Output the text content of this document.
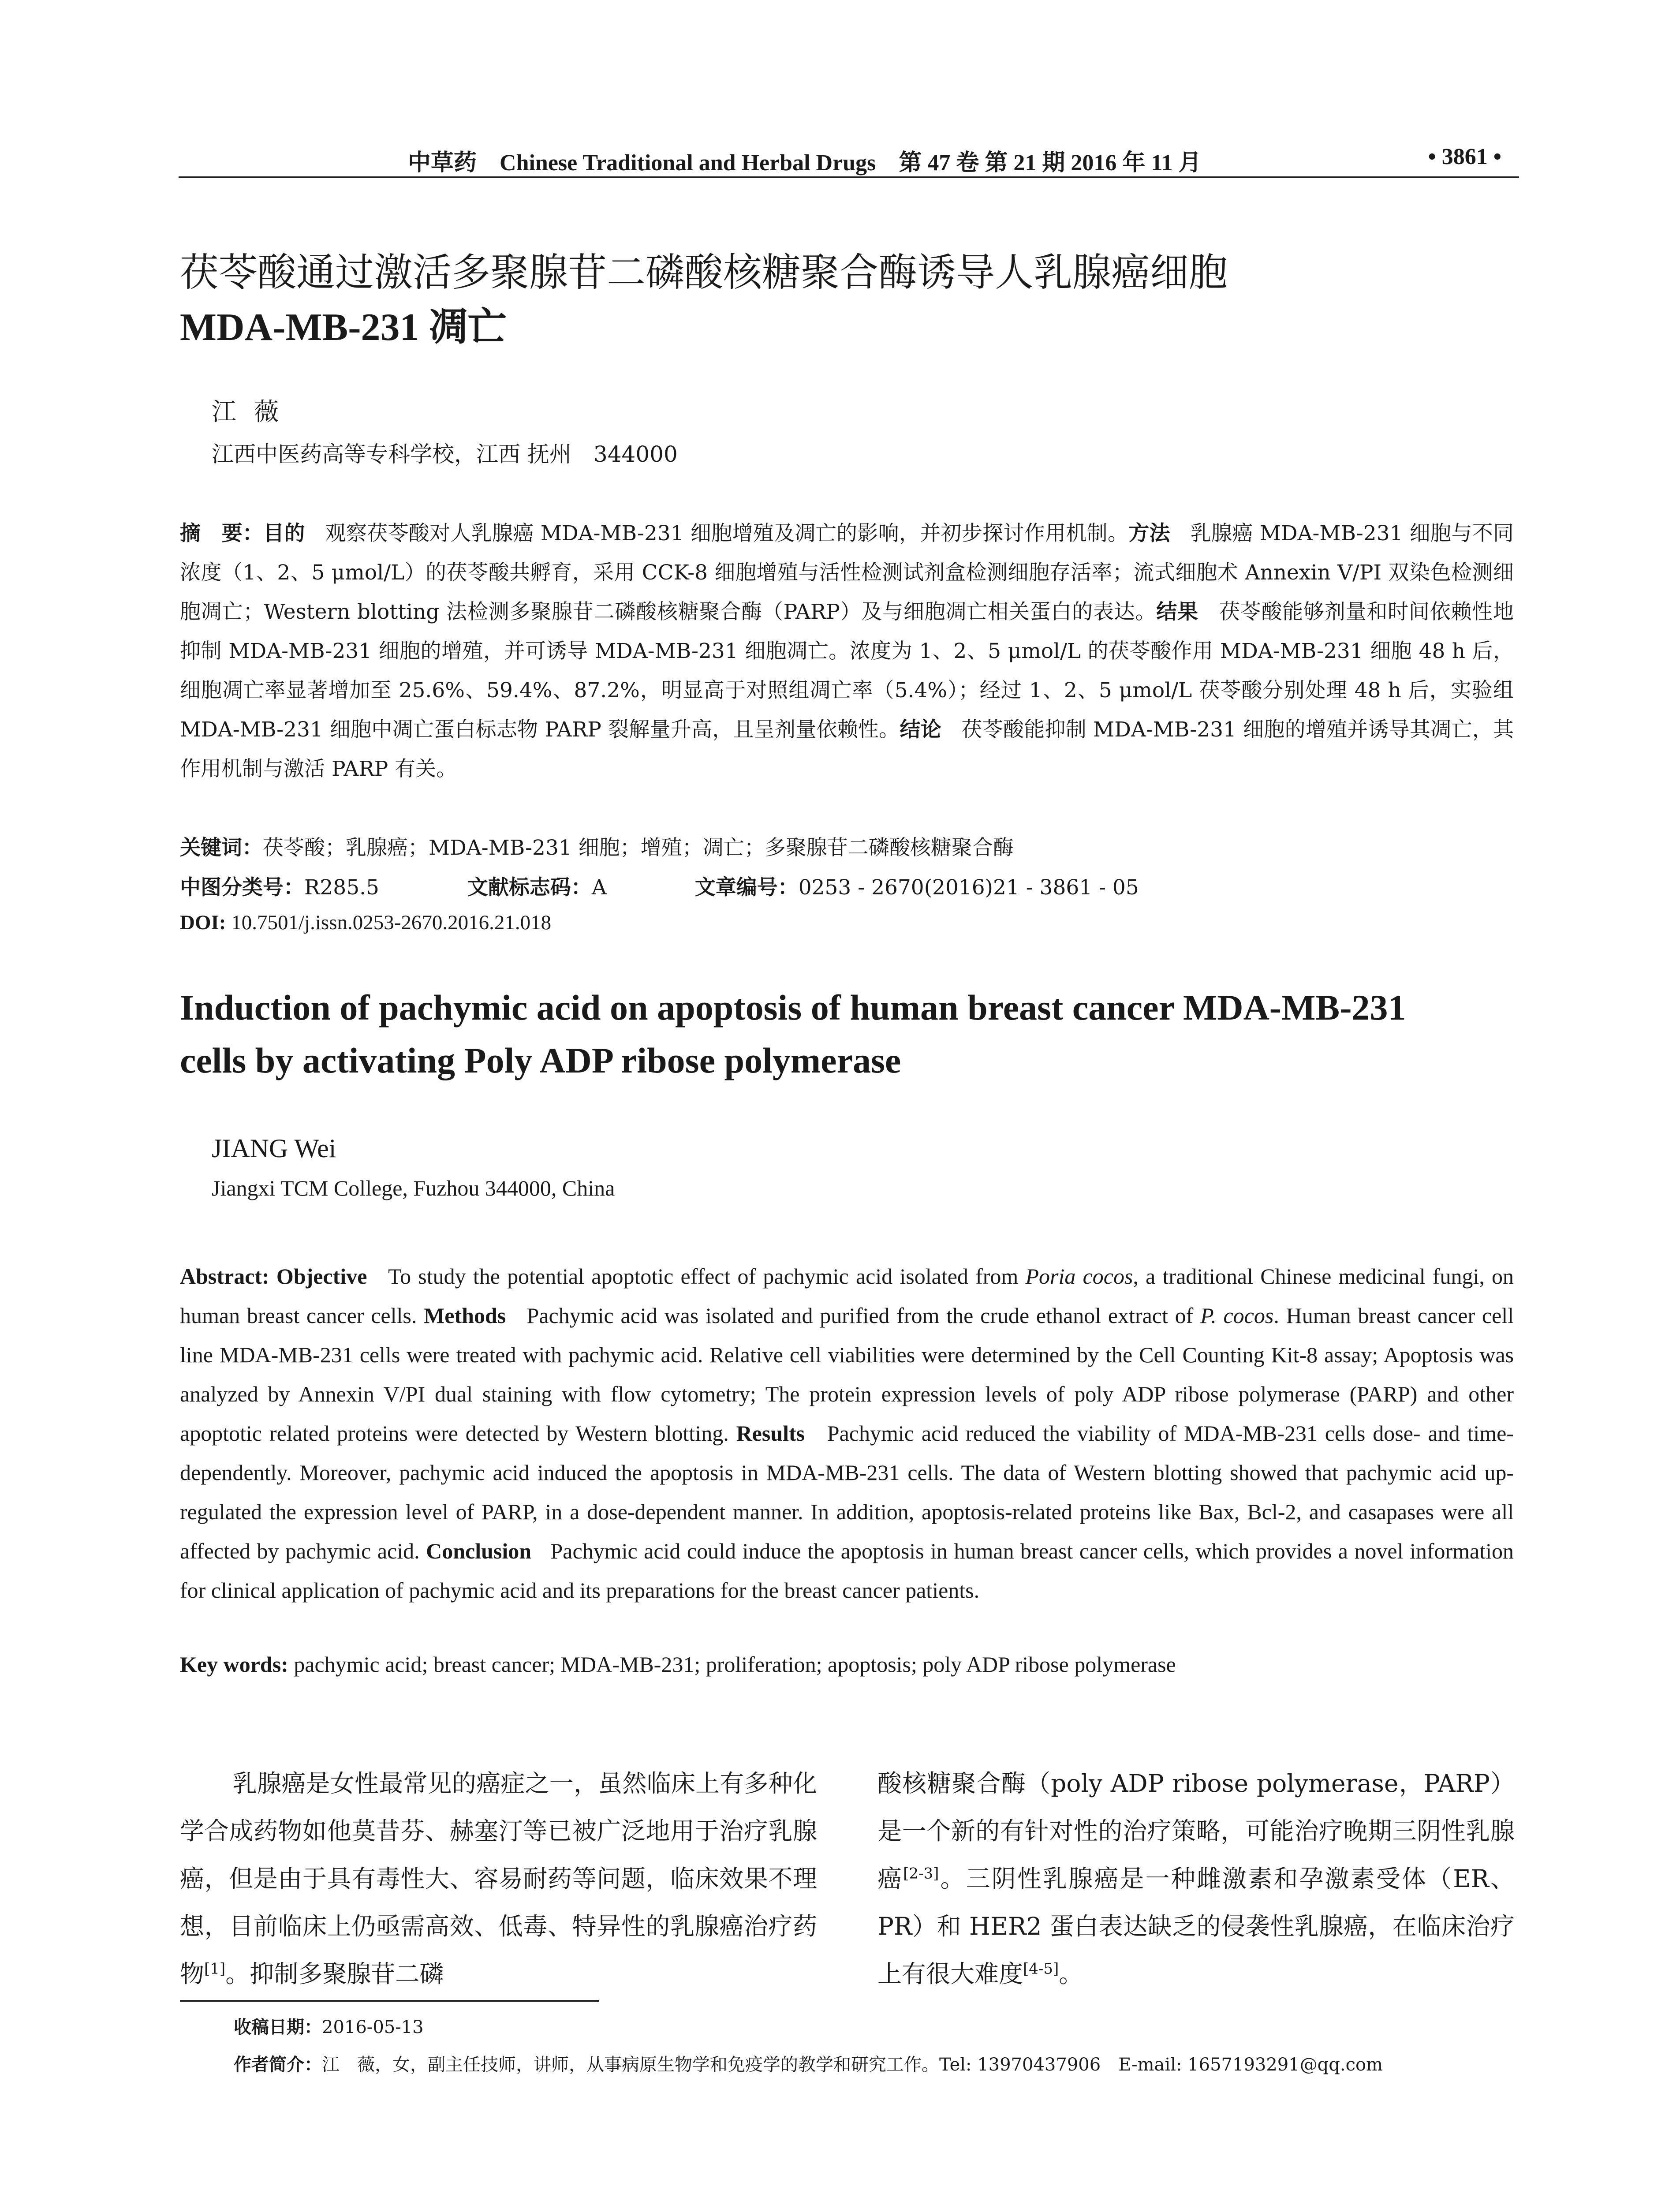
中草药 Chinese Traditional and Herbal Drugs 第 47 卷 第 21 期 2016 年 11 月	• 3861 •
茯苓酸通过激活多聚腺苷二磷酸核糖聚合酶诱导人乳腺癌细胞
MDA-MB-231 凋亡
江薇
江西中医药高等专科学校，江西 抚州　344000
摘　要：目的 观察茯苓酸对人乳腺癌 MDA-MB-231 细胞增殖及凋亡的影响，并初步探讨作用机制。方法 乳腺癌 MDA-MB-231 细胞与不同浓度（1、2、5 μmol/L）的茯苓酸共孵育，采用 CCK-8 细胞增殖与活性检测试剂盒检测细胞存活率；流式细胞术 Annexin V/PI 双染色检测细胞凋亡；Western blotting 法检测多聚腺苷二磷酸核糖聚合酶（PARP）及与细胞凋亡相关蛋白的表达。结果 茯苓酸能够剂量和时间依赖性地抑制 MDA-MB-231 细胞的增殖，并可诱导 MDA-MB-231 细胞凋亡。浓度为 1、2、5 μmol/L 的茯苓酸作用 MDA-MB-231 细胞 48 h 后，细胞凋亡率显著增加至 25.6%、59.4%、87.2%，明显高于对照组凋亡率（5.4%）；经过 1、2、5 μmol/L 茯苓酸分别处理 48 h 后，实验组 MDA-MB-231 细胞中凋亡蛋白标志物 PARP 裂解量升高，且呈剂量依赖性。结论 茯苓酸能抑制 MDA-MB-231 细胞的增殖并诱导其凋亡，其作用机制与激活 PARP 有关。
关键词：茯苓酸；乳腺癌；MDA-MB-231 细胞；增殖；凋亡；多聚腺苷二磷酸核糖聚合酶
中图分类号：R285.5	文献标志码：A	文章编号：0253 - 2670(2016)21 - 3861 - 05
DOI: 10.7501/j.issn.0253-2670.2016.21.018
Induction of pachymic acid on apoptosis of human breast cancer MDA-MB-231
cells by activating Poly ADP ribose polymerase
JIANG Wei
Jiangxi TCM College, Fuzhou 344000, China
Abstract: Objective To study the potential apoptotic effect of pachymic acid isolated from Poria cocos, a traditional Chinese medicinal fungi, on human breast cancer cells. Methods Pachymic acid was isolated and purified from the crude ethanol extract of P. cocos. Human breast cancer cell line MDA-MB-231 cells were treated with pachymic acid. Relative cell viabilities were determined by the Cell Counting Kit-8 assay; Apoptosis was analyzed by Annexin V/PI dual staining with flow cytometry; The protein expression levels of poly ADP ribose polymerase (PARP) and other apoptotic related proteins were detected by Western blotting. Results Pachymic acid reduced the viability of MDA-MB-231 cells dose- and time-dependently. Moreover, pachymic acid induced the apoptosis in MDA-MB-231 cells. The data of Western blotting showed that pachymic acid up-regulated the expression level of PARP, in a dose-dependent manner. In addition, apoptosis-related proteins like Bax, Bcl-2, and casapases were all affected by pachymic acid. Conclusion Pachymic acid could induce the apoptosis in human breast cancer cells, which provides a novel information for clinical application of pachymic acid and its preparations for the breast cancer patients.
Key words: pachymic acid; breast cancer; MDA-MB-231; proliferation; apoptosis; poly ADP ribose polymerase
乳腺癌是女性最常见的癌症之一，虽然临床上有多种化学合成药物如他莫昔芬、赫塞汀等已被广泛地用于治疗乳腺癌，但是由于具有毒性大、容易耐药等问题，临床效果不理想，目前临床上仍亟需高效、低毒、特异性的乳腺癌治疗药物[1]。抑制多聚腺苷二磷
酸核糖聚合酶（poly ADP ribose polymerase，PARP）是一个新的有针对性的治疗策略，可能治疗晚期三阴性乳腺癌[2-3]。三阴性乳腺癌是一种雌激素和孕激素受体（ER、PR）和 HER2 蛋白表达缺乏的侵袭性乳腺癌，在临床治疗上有很大难度[4-5]。
收稿日期：2016-05-13
作者简介：江　薇，女，副主任技师，讲师，从事病原生物学和免疫学的教学和研究工作。Tel: 13970437906　E-mail: 1657193291@qq.com
